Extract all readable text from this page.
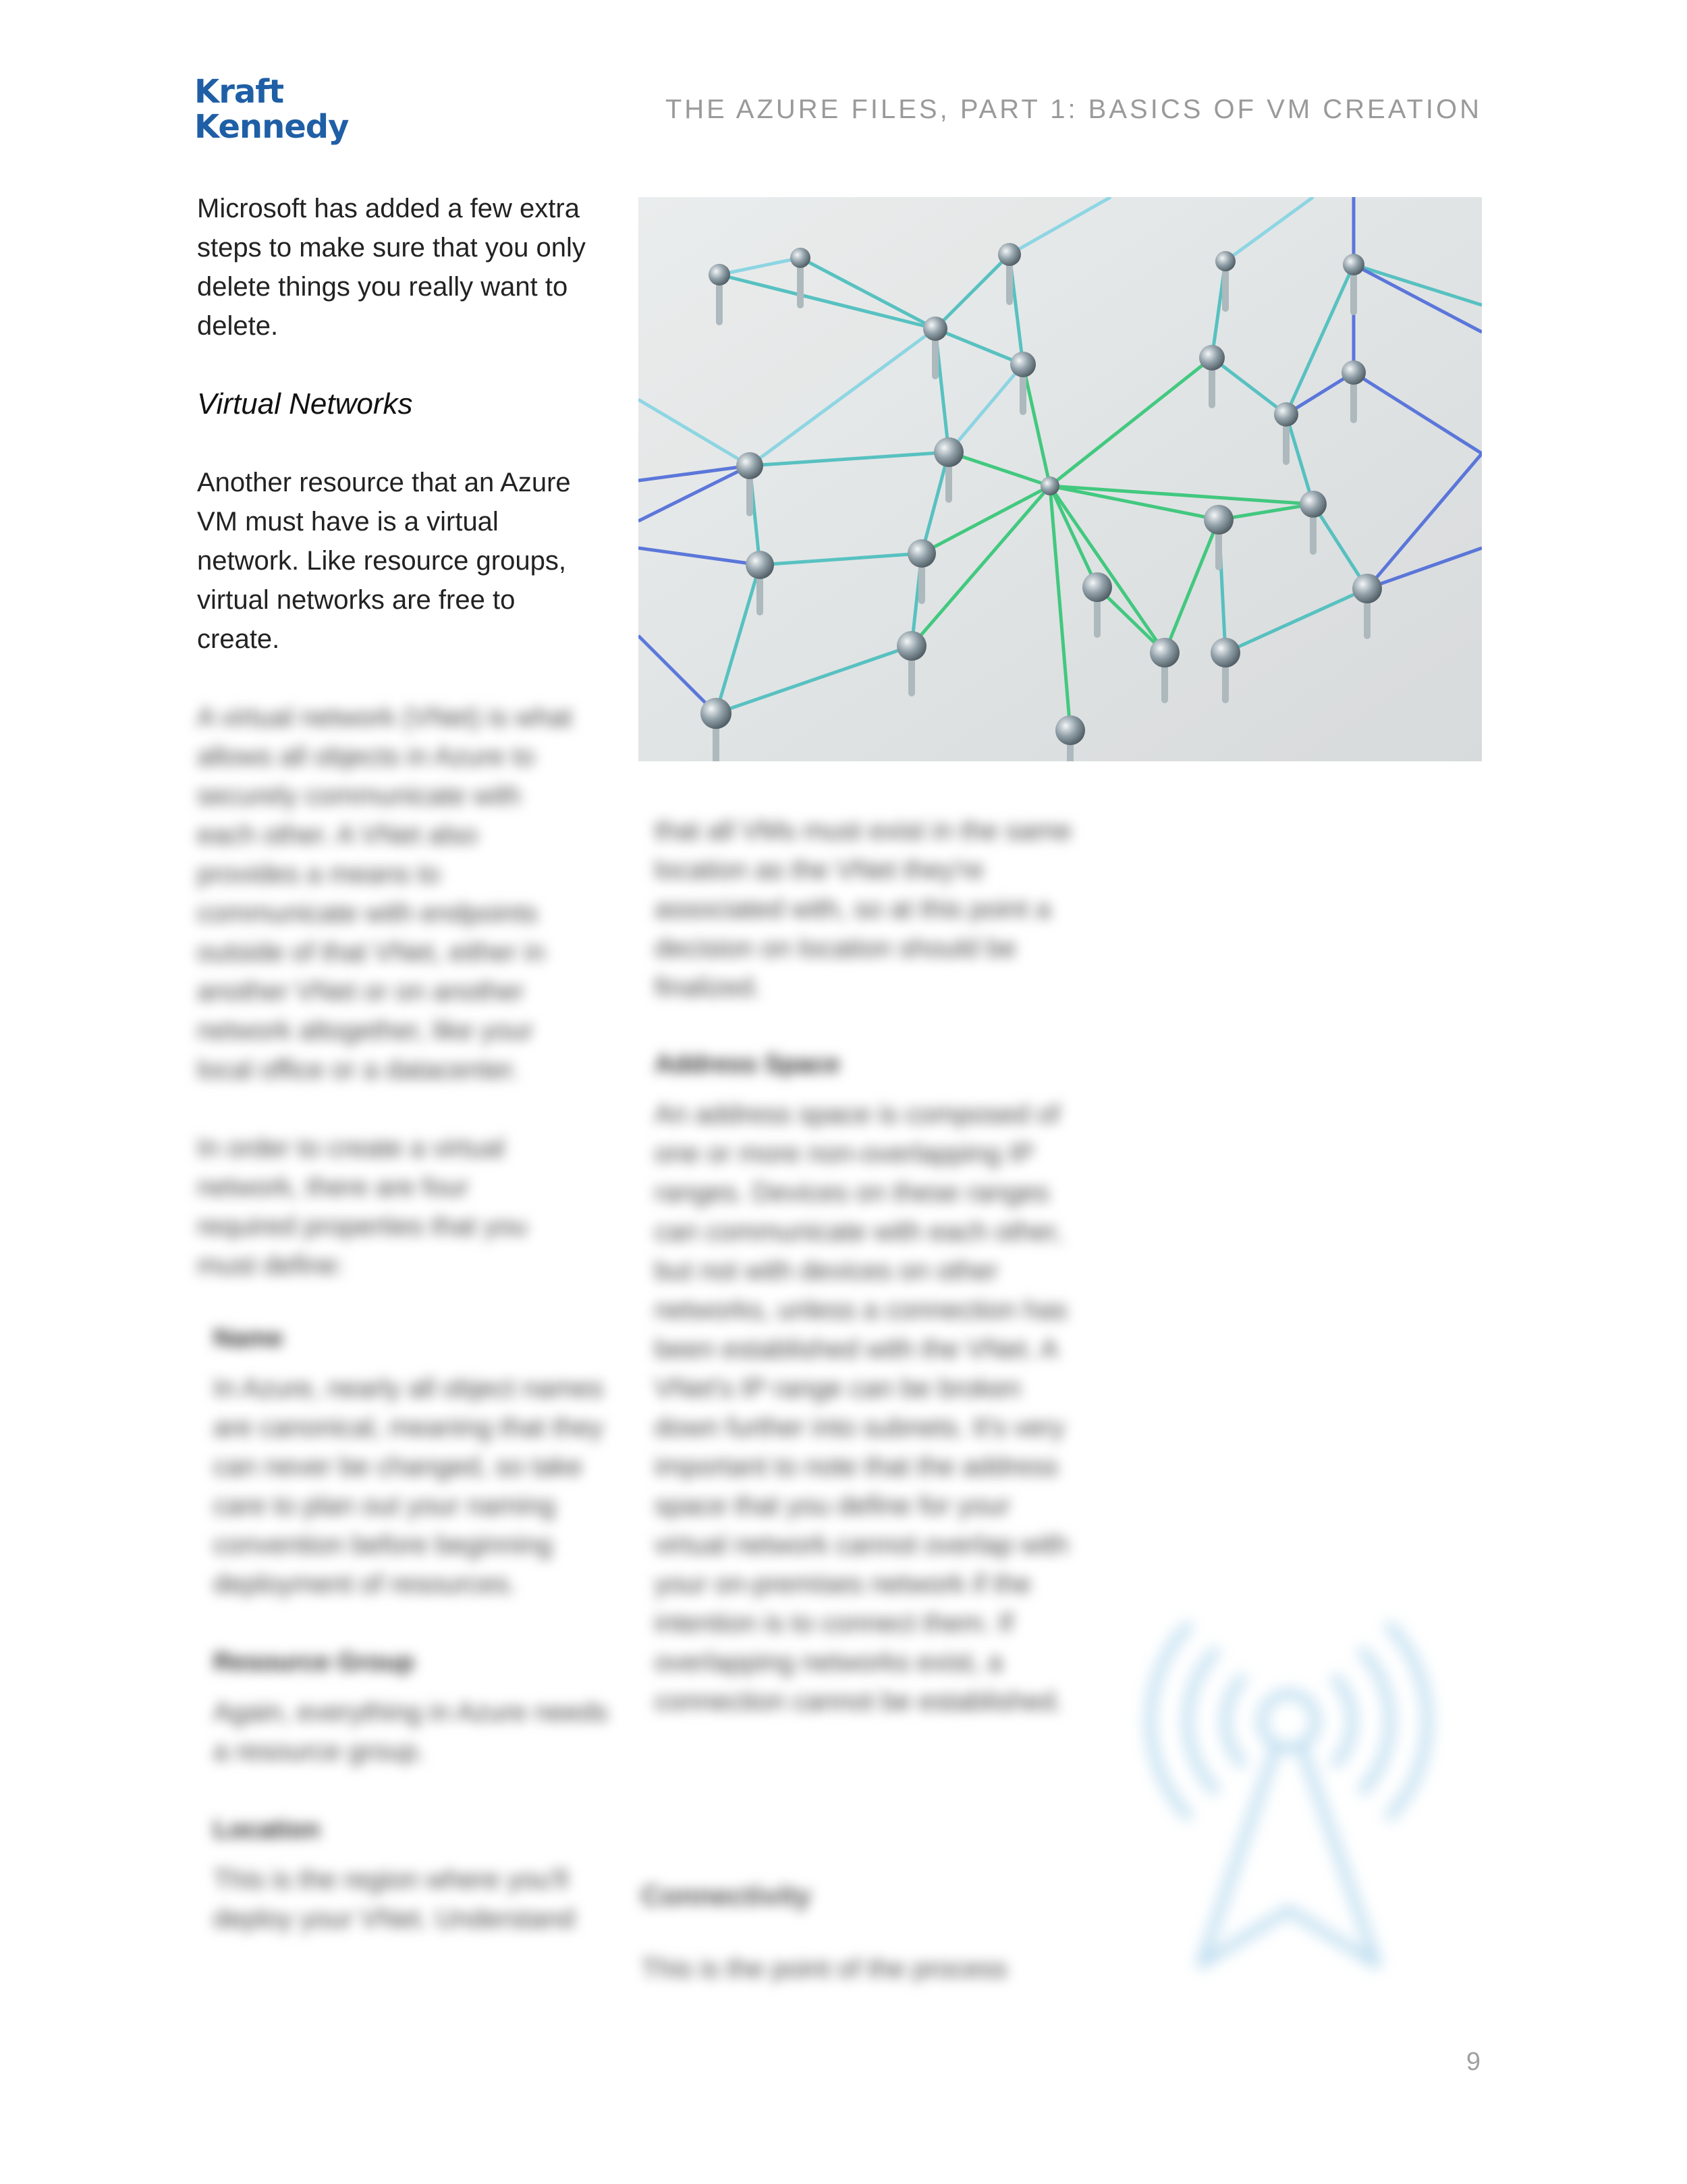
Kraft
Kennedy	THE AZURE FILES, PART 1: BASICS OF VM CREATION

Microsoft has added a few extra steps to make sure that you only delete things you really want to delete.

Virtual Networks

Another resource that an Azure VM must have is a virtual network. Like resource groups, virtual networks are free to create.

A virtual network (VNet) is what allows all objects in Azure to securely communicate with each other. A VNet also provides a means to communicate with endpoints outside of that VNet, either in another VNet or on another network altogether, like your local office or a datacenter.

In order to create a virtual network, there are four required properties that you must define:

Name

In Azure, nearly all object names are canonical, meaning that they can never be changed, so take care to plan out your naming convention before beginning deployment of resources.

Resource Group

Again, everything in Azure needs a resource group.

Location

This is the region where you'll deploy your VNet. Understand

that all VMs must exist in the same location as the VNet they're associated with, so at this point a decision on location should be finalized.

Address Space

An address space is composed of one or more non-overlapping IP ranges. Devices on these ranges can communicate with each other, but not with devices on other networks, unless a connection has been established with the VNet. A VNet's IP range can be broken down further into subnets. It's very important to note that the address space that you define for your virtual network cannot overlap with your on-premises network if the intention is to connect them. If overlapping networks exist, a connection cannot be established.

Connectivity

This is the point of the process

9
